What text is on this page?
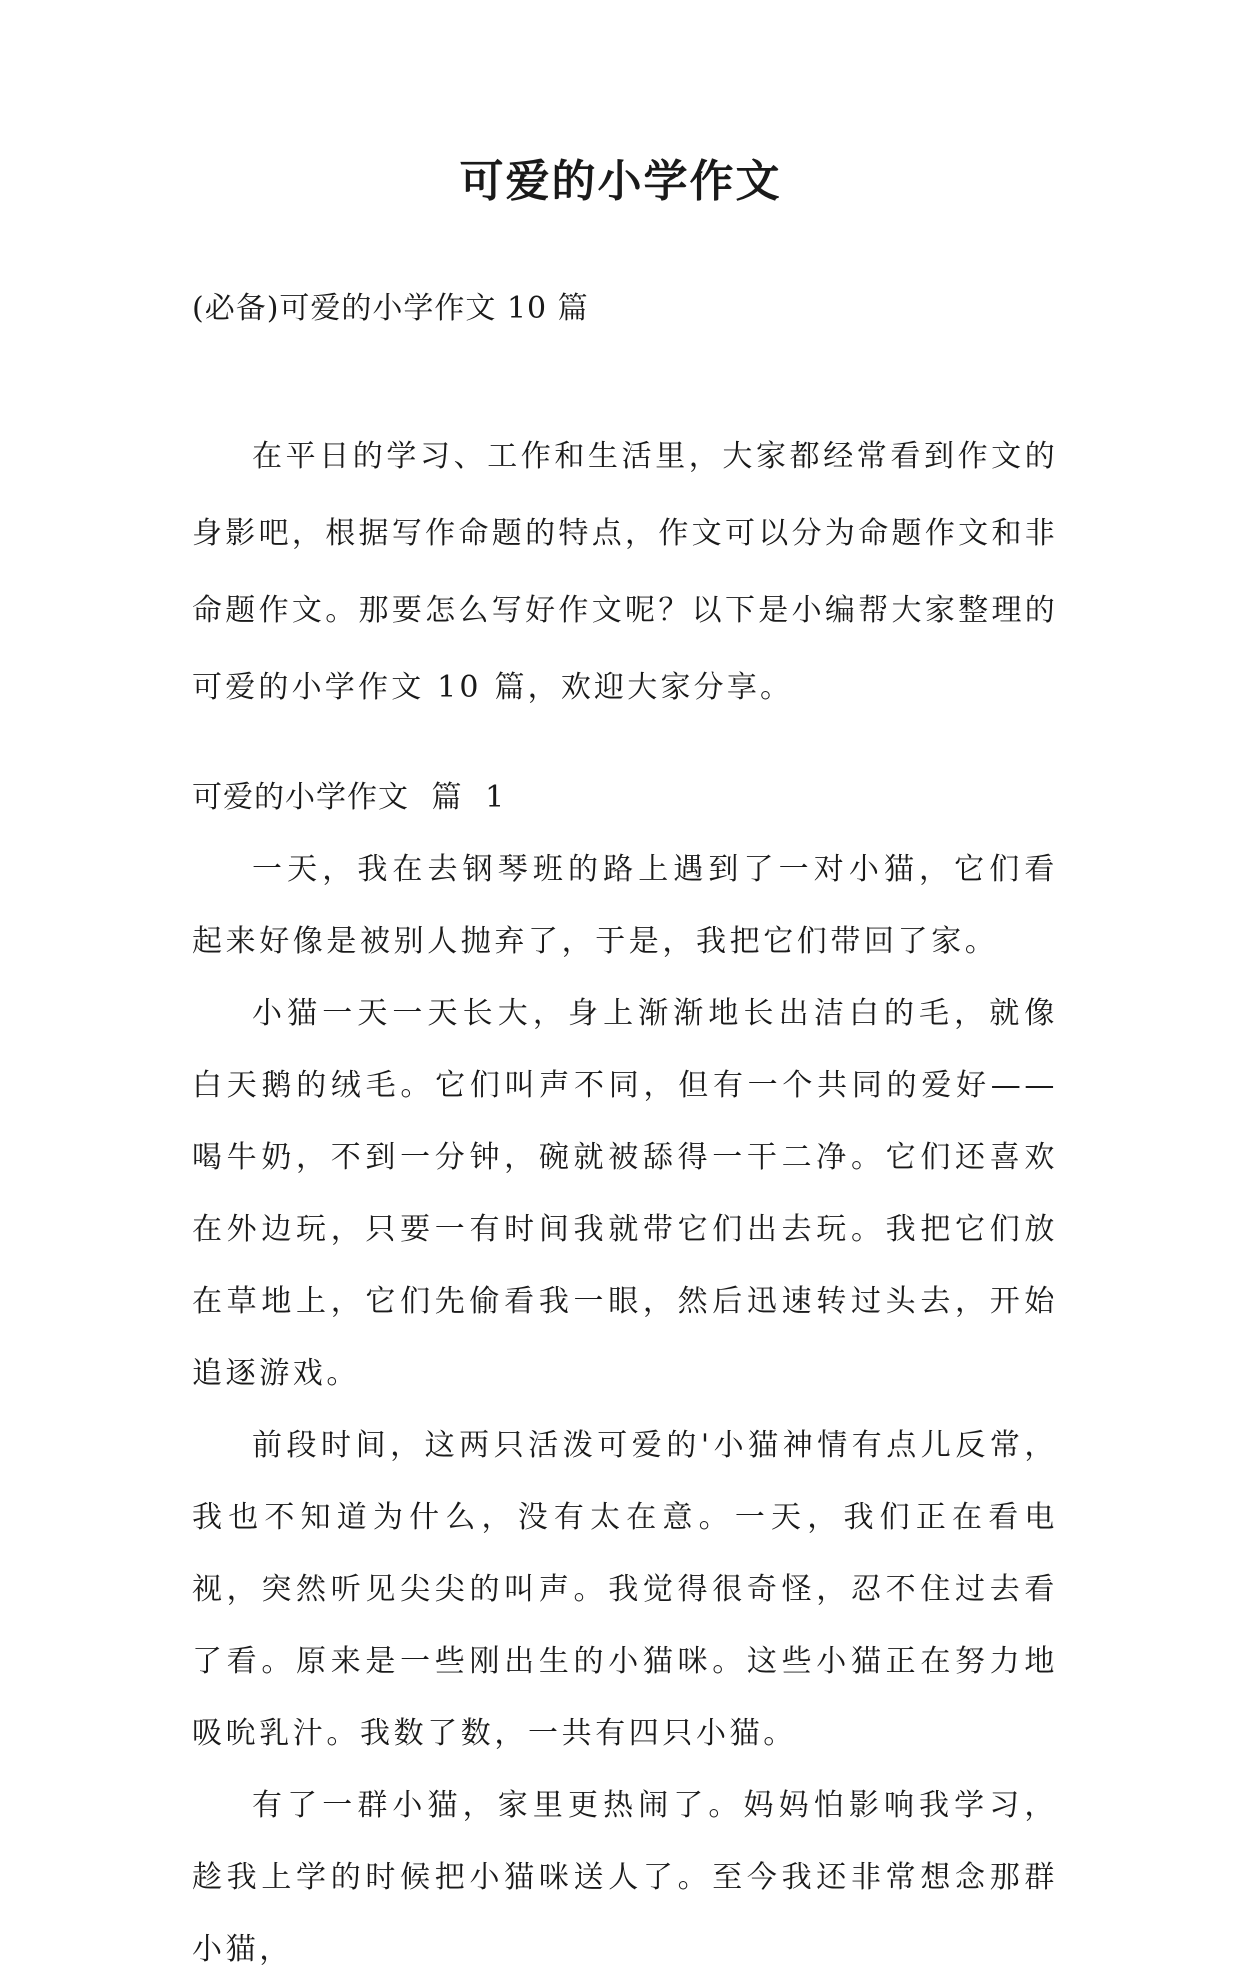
可爱的小学作文

(必备)可爱的小学作文 10 篇

在平日的学习、工作和生活里，大家都经常看到作文的身影吧，根据写作命题的特点，作文可以分为命题作文和非命题作文。那要怎么写好作文呢？以下是小编帮大家整理的可爱的小学作文 10 篇，欢迎大家分享。

可爱的小学作文 篇 1

一天，我在去钢琴班的路上遇到了一对小猫，它们看起来好像是被别人抛弃了，于是，我把它们带回了家。

小猫一天一天长大，身上渐渐地长出洁白的毛，就像白天鹅的绒毛。它们叫声不同，但有一个共同的爱好——喝牛奶，不到一分钟，碗就被舔得一干二净。它们还喜欢在外边玩，只要一有时间我就带它们出去玩。我把它们放在草地上，它们先偷看我一眼，然后迅速转过头去，开始追逐游戏。

前段时间，这两只活泼可爱的'小猫神情有点儿反常，我也不知道为什么，没有太在意。一天，我们正在看电视，突然听见尖尖的叫声。我觉得很奇怪，忍不住过去看了看。原来是一些刚出生的小猫咪。这些小猫正在努力地吸吮乳汁。我数了数，一共有四只小猫。

有了一群小猫，家里更热闹了。妈妈怕影响我学习，趁我上学的时候把小猫咪送人了。至今我还非常想念那群小猫，
